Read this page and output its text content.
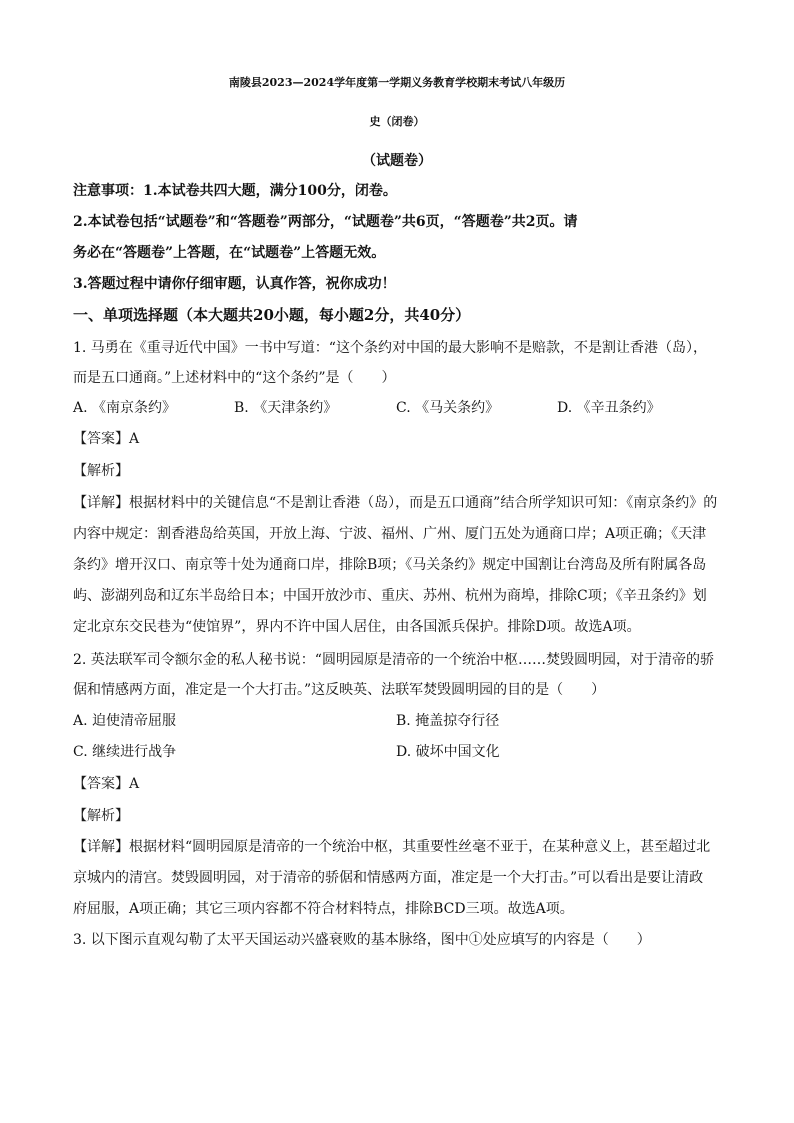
南陵县2023—2024学年度第一学期义务教育学校期末考试八年级历
史（闭卷）
（试题卷）
注意事项：1.本试卷共四大题，满分100分，闭卷。
2.本试卷包括“试题卷”和“答题卷”两部分，“试题卷”共6页，“答题卷”共2页。请
务必在“答题卷”上答题，在“试题卷”上答题无效。
3.答题过程中请你仔细审题，认真作答，祝你成功！
一、单项选择题（本大题共20小题，每小题2分，共40分）
1. 马勇在《重寻近代中国》一书中写道：“这个条约对中国的最大影响不是赔款，不是割让香港（岛），
而是五口通商。”上述材料中的“这个条约”是（　　）
A. 《南京条约》	B. 《天津条约》	C. 《马关条约》	D. 《辛丑条约》
【答案】A
【解析】
【详解】根据材料中的关键信息“不是割让香港（岛），而是五口通商”结合所学知识可知：《南京条约》的
内容中规定：割香港岛给英国，开放上海、宁波、福州、广州、厦门五处为通商口岸；A项正确；《天津
条约》增开汉口、南京等十处为通商口岸，排除B项；《马关条约》规定中国割让台湾岛及所有附属各岛
屿、澎湖列岛和辽东半岛给日本；中国开放沙市、重庆、苏州、杭州为商埠，排除C项；《辛丑条约》划
定北京东交民巷为“使馆界”，界内不许中国人居住，由各国派兵保护。排除D项。故选A项。
2. 英法联军司令额尔金的私人秘书说：“圆明园原是清帝的一个统治中枢……焚毁圆明园，对于清帝的骄
倨和情感两方面，准定是一个大打击。”这反映英、法联军焚毁圆明园的目的是（　　）
A. 迫使清帝屈服	B. 掩盖掠夺行径
C. 继续进行战争	D. 破坏中国文化
【答案】A
【解析】
【详解】根据材料“圆明园原是清帝的一个统治中枢，其重要性丝毫不亚于，在某种意义上，甚至超过北
京城内的清宫。焚毁圆明园，对于清帝的骄倨和情感两方面，准定是一个大打击。”可以看出是要让清政
府屈服，A项正确；其它三项内容都不符合材料特点，排除BCD三项。故选A项。
3. 以下图示直观勾勒了太平天国运动兴盛衰败的基本脉络，图中①处应填写的内容是（　　）
